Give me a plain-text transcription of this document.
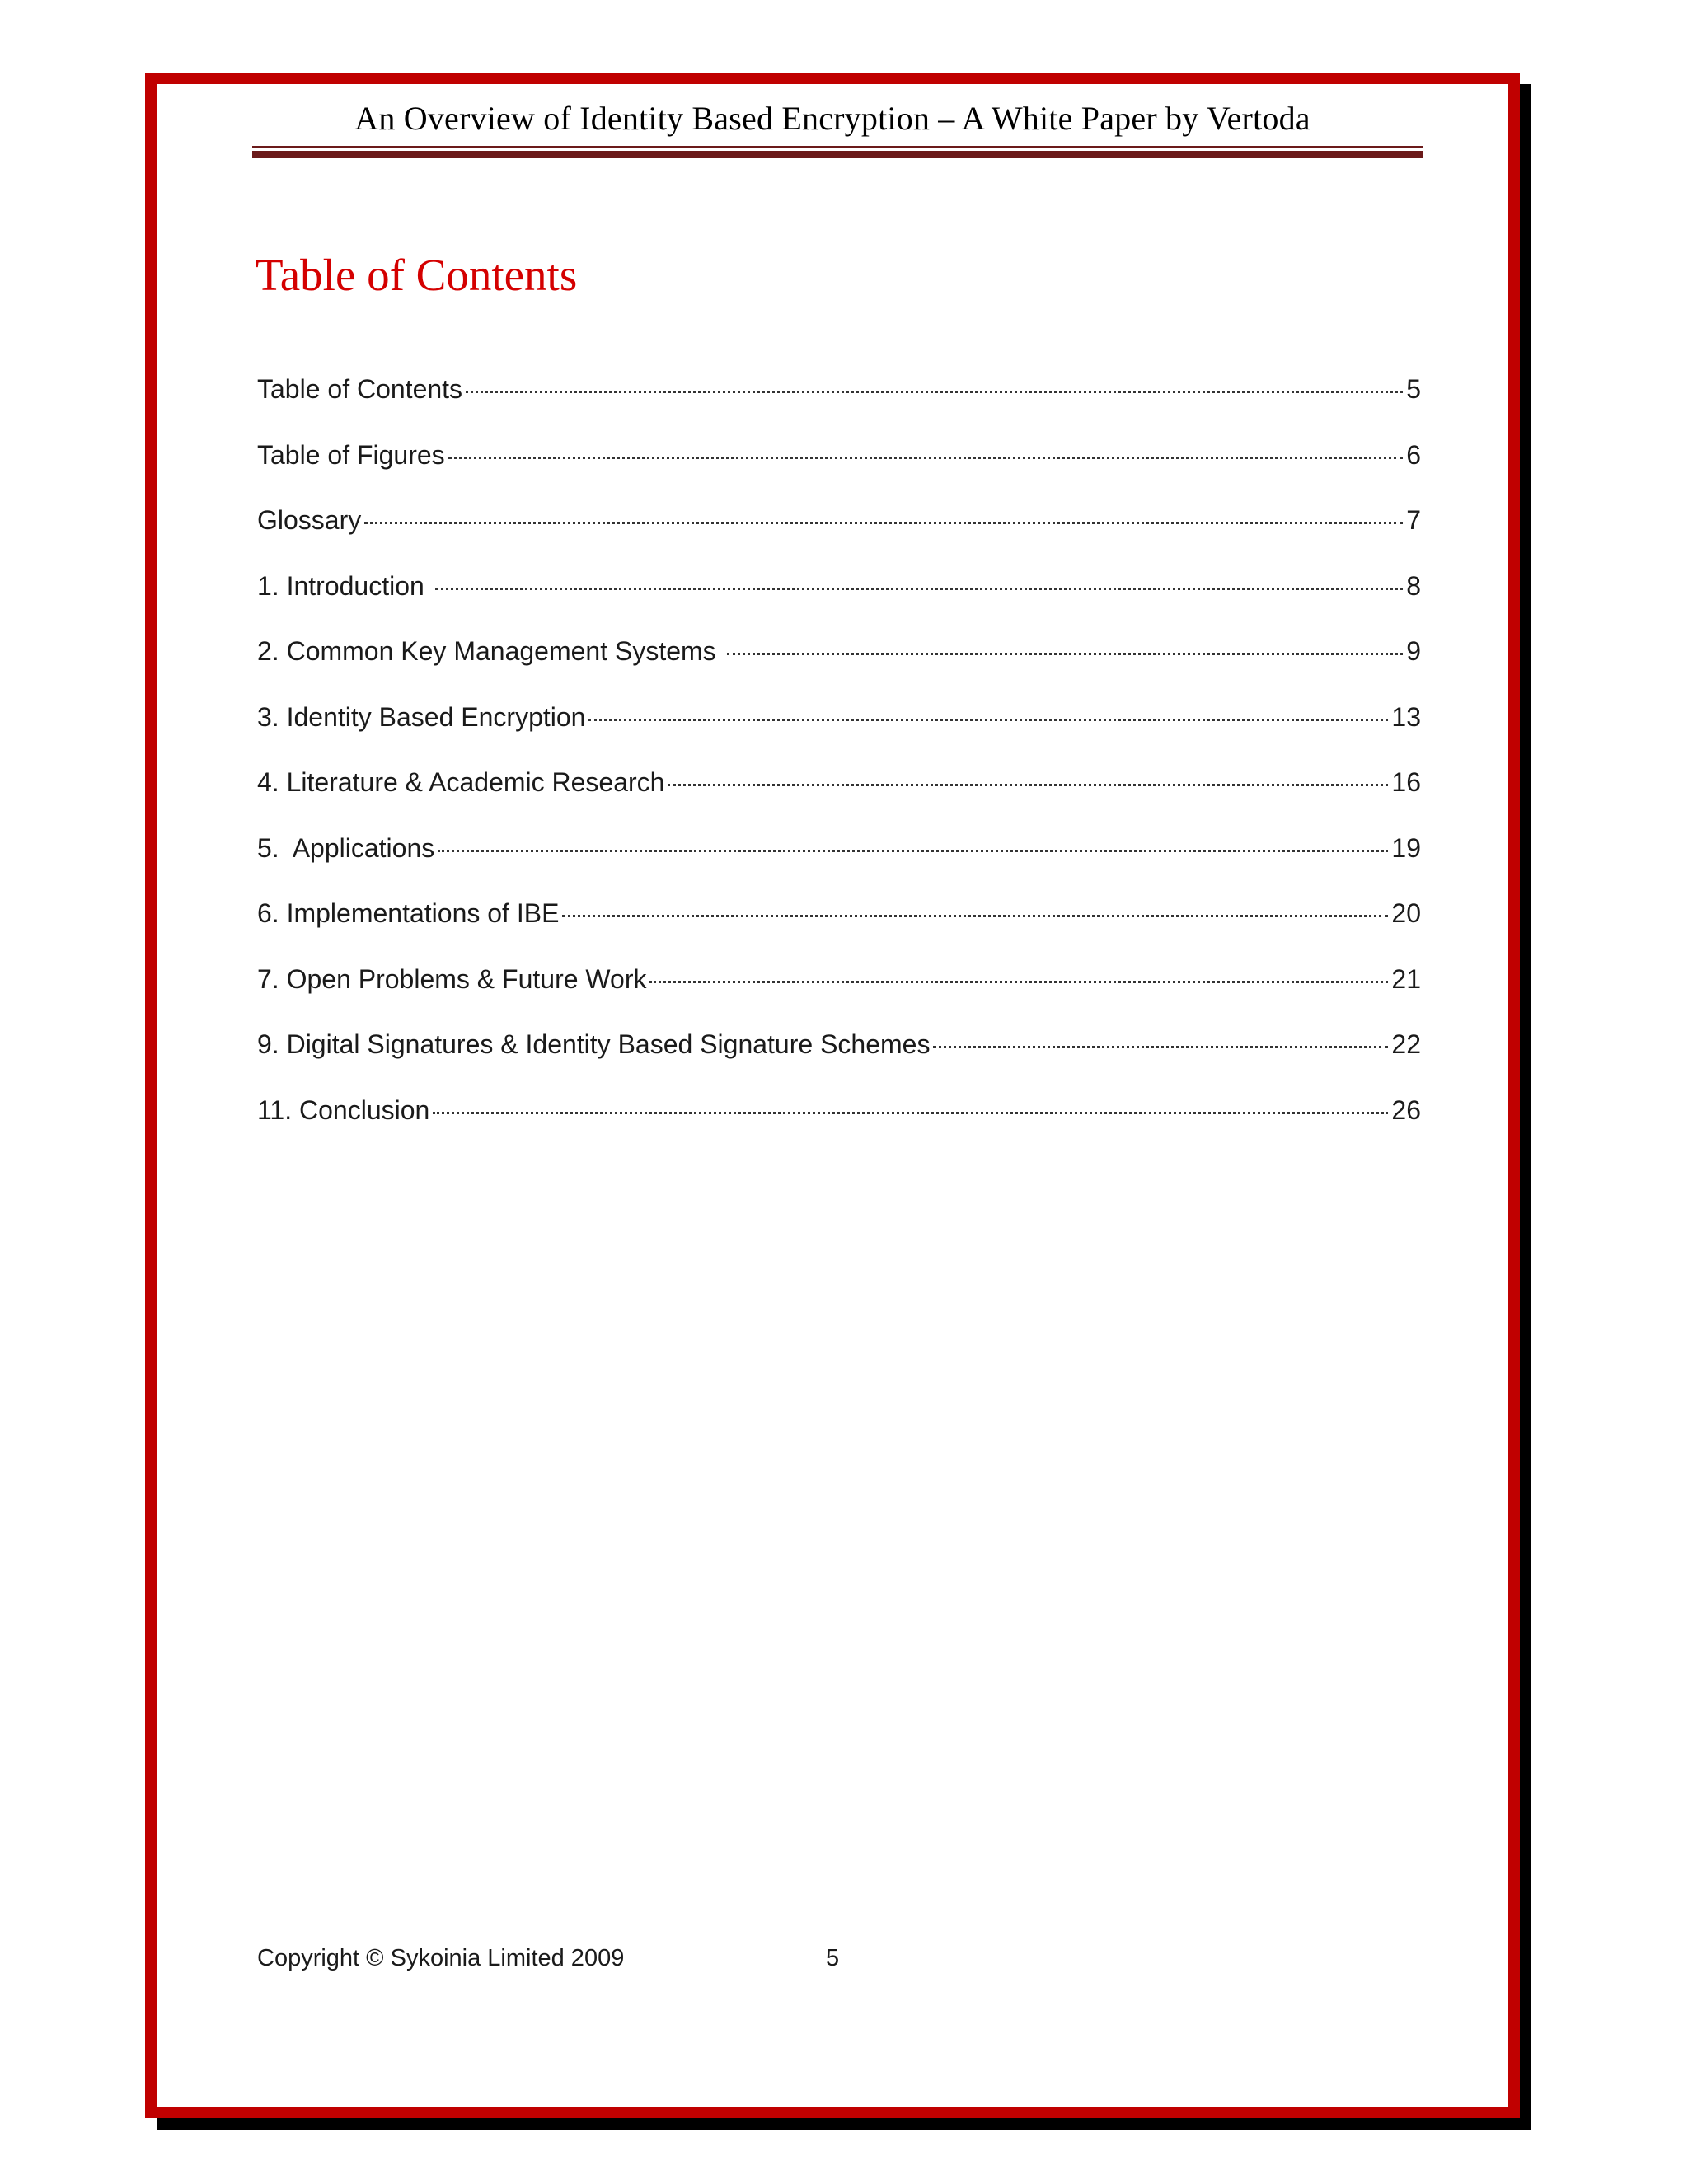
An Overview of Identity Based Encryption – A White Paper by Vertoda
Table of Contents
Table of Contents	5
Table of Figures	6
Glossary	7
1. Introduction	8
2. Common Key Management Systems	9
3. Identity Based Encryption	13
4. Literature & Academic Research	16
5.  Applications	19
6. Implementations of IBE	20
7. Open Problems & Future Work	21
9. Digital Signatures & Identity Based Signature Schemes	22
11. Conclusion	26
Copyright © Sykoinia Limited 2009	5
